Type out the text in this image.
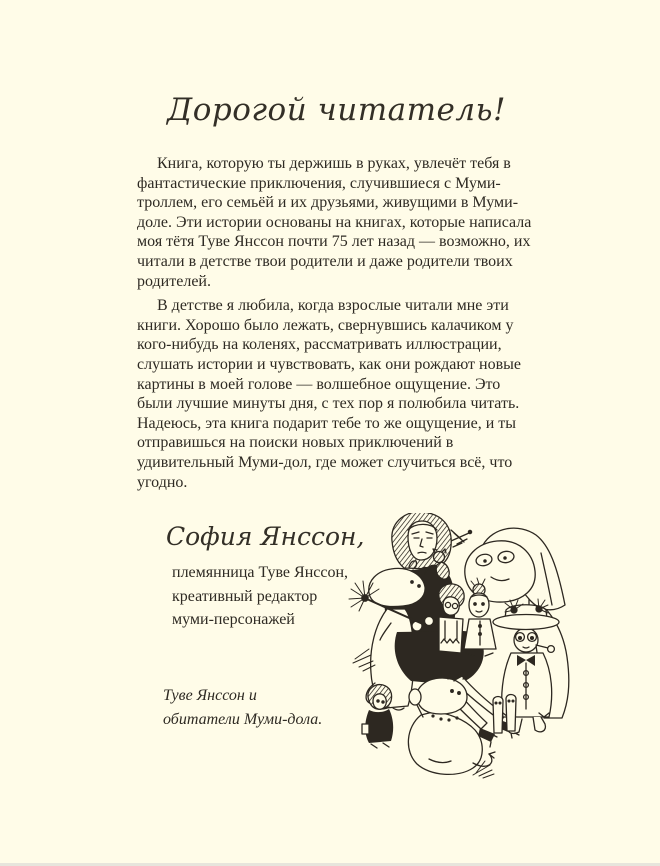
Дорогой читатель!

Книга, которую ты держишь в руках, увлечёт тебя в фантастические приключения, случившиеся с Муми-троллем, его семьёй и их друзьями, живущими в Муми-доле. Эти истории основаны на книгах, которые написала моя тётя Туве Янссон почти 75 лет назад — возможно, их читали в детстве твои родители и даже родители твоих родителей.

В детстве я любила, когда взрослые читали мне эти книги. Хорошо было лежать, свернувшись калачиком у кого-нибудь на коленях, рассматривать иллюстрации, слушать истории и чувствовать, как они рождают новые картины в моей голове — волшебное ощущение. Это были лучшие минуты дня, с тех пор я полюбила читать. Надеюсь, эта книга подарит тебе то же ощущение, и ты отправишься на поиски новых приключений в удивительный Муми-дол, где может случиться всё, что угодно.

София Янссон,
племянница Туве Янссон,
креативный редактор
муми-персонажей
Туве Янссон и обитатели Муми-дола.
